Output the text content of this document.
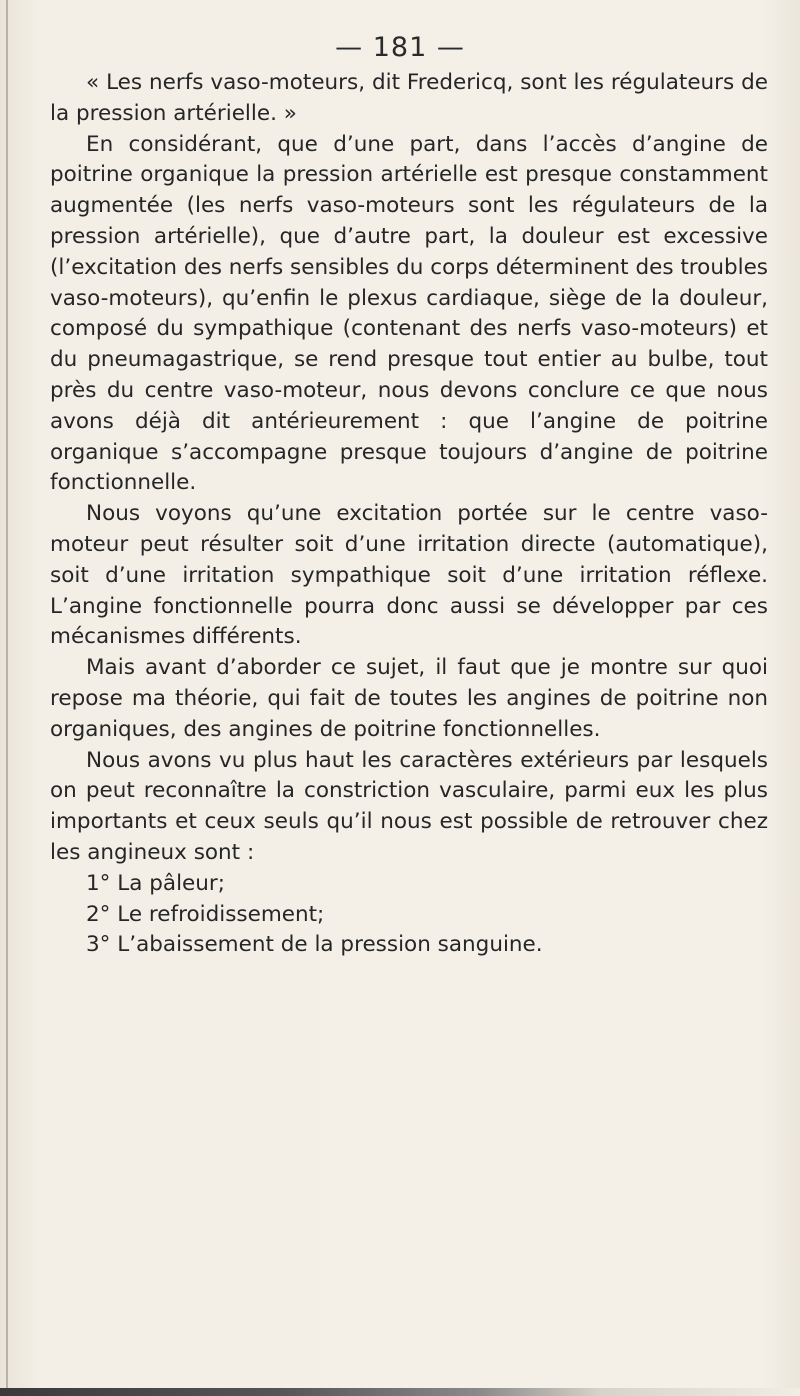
— 181 —

« Les nerfs vaso-moteurs, dit Fredericq, sont les régulateurs de la pression artérielle. »

En considérant, que d’une part, dans l’accès d’angine de poitrine organique la pression artérielle est presque constamment augmentée (les nerfs vaso-moteurs sont les régulateurs de la pression artérielle), que d’autre part, la douleur est excessive (l’excitation des nerfs sensibles du corps déterminent des troubles vaso-moteurs), qu’enfin le plexus cardiaque, siège de la douleur, composé du sympathique (contenant des nerfs vaso-moteurs) et du pneumagastrique, se rend presque tout entier au bulbe, tout près du centre vaso-moteur, nous devons conclure ce que nous avons déjà dit antérieurement : que l’angine de poitrine organique s’accompagne presque toujours d’angine de poitrine fonctionnelle.

Nous voyons qu’une excitation portée sur le centre vaso-moteur peut résulter soit d’une irritation directe (automatique), soit d’une irritation sympathique soit d’une irritation réflexe. L’angine fonctionnelle pourra donc aussi se développer par ces mécanismes différents.

Mais avant d’aborder ce sujet, il faut que je montre sur quoi repose ma théorie, qui fait de toutes les angines de poitrine non organiques, des angines de poitrine fonctionnelles.

Nous avons vu plus haut les caractères extérieurs par lesquels on peut reconnaître la constriction vasculaire, parmi eux les plus importants et ceux seuls qu’il nous est possible de retrouver chez les angineux sont :

1° La pâleur;

2° Le refroidissement;

3° L’abaissement de la pression sanguine.
